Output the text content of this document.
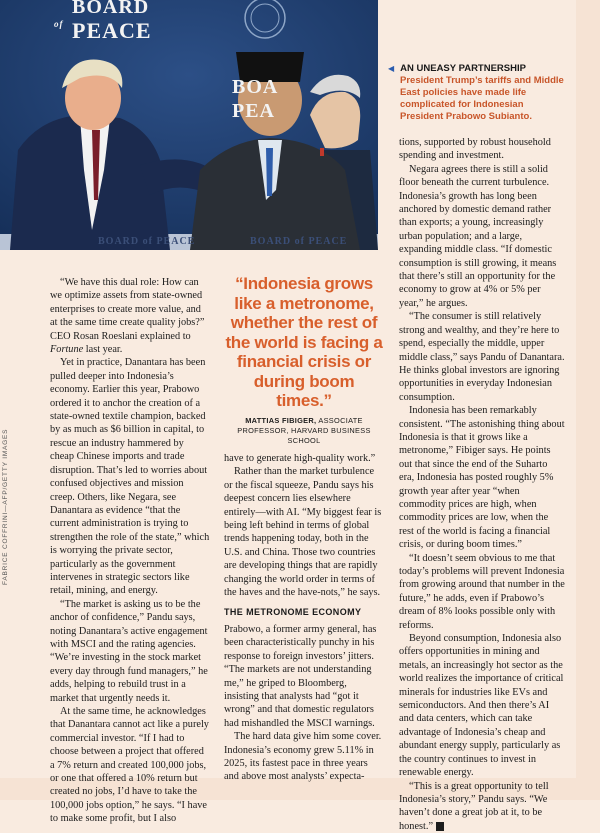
BOARD
of PEACE
BOA
PEA
BOARD of PEACE	BOARD of PEACE
◀ AN UNEASY PARTNERSHIP
President Trump’s tariffs and Middle East policies have made life complicated for Indonesian President Prabowo Subianto.
FABRICE COFFRINI—AFP/GETTY IMAGES

“We have this dual role: How can we optimize assets from state-owned enterprises to create more value, and at the same time create quality jobs?” CEO Rosan Roeslani explained to Fortune last year.

Yet in practice, Danantara has been pulled deeper into Indonesia’s economy. Earlier this year, Prabowo ordered it to anchor the creation of a state-owned textile champion, backed by as much as $6 billion in capital, to rescue an industry hammered by cheap Chinese imports and trade disruption. That’s led to worries about confused objectives and mission creep. Others, like Negara, see Danantara as evidence “that the current administration is trying to strengthen the role of the state,” which is worrying the private sector, particularly as the government intervenes in strategic sectors like retail, mining, and energy.

“The market is asking us to be the anchor of confidence,” Pandu says, noting Danantara’s active engagement with MSCI and the rating agencies. “We’re investing in the stock market every day through fund managers,” he adds, helping to rebuild trust in a market that urgently needs it.

At the same time, he acknowledges that Danantara cannot act like a purely commercial investor. “If I had to choose between a project that offered a 7% return and created 100,000 jobs, or one that offered a 10% return but created no jobs, I’d have to take the 100,000 jobs option,” he says. “I have to make some profit, but I also

“Indonesia grows like a metronome, whether the rest of the world is facing a financial crisis or during boom times.”
MATTIAS FIBIGER, ASSOCIATE PROFESSOR, HARVARD BUSINESS SCHOOL

have to generate high-quality work.”

Rather than the market turbulence or the fiscal squeeze, Pandu says his deepest concern lies elsewhere entirely—with AI. “My biggest fear is being left behind in terms of global trends happening today, both in the U.S. and China. Those two countries are developing things that are rapidly changing the world order in terms of the haves and the have-nots,” he says.

THE METRONOME ECONOMY

Prabowo, a former army general, has been characteristically punchy in his response to foreign investors’ jitters. “The markets are not understanding me,” he griped to Bloomberg, insisting that analysts had “got it wrong” and that domestic regulators had mishandled the MSCI warnings.

The hard data give him some cover. Indonesia’s economy grew 5.11% in 2025, its fastest pace in three years and above most analysts’ expecta-

tions, supported by robust household spending and investment.

Negara agrees there is still a solid floor beneath the current turbulence. Indonesia’s growth has long been anchored by domestic demand rather than exports; a young, increasingly urban population; and a large, expanding middle class. “If domestic consumption is still growing, it means that there’s still an opportunity for the economy to grow at 4% or 5% per year,” he argues.

“The consumer is still relatively strong and wealthy, and they’re here to spend, especially the middle, upper middle class,” says Pandu of Danantara. He thinks global investors are ignoring opportunities in everyday Indonesian consumption.

Indonesia has been remarkably consistent. “The astonishing thing about Indonesia is that it grows like a metronome,” Fibiger says. He points out that since the end of the Suharto era, Indonesia has posted roughly 5% growth year after year “when commodity prices are high, when commodity prices are low, when the rest of the world is facing a financial crisis, or during boom times.”

“It doesn’t seem obvious to me that today’s problems will prevent Indonesia from growing around that number in the future,” he adds, even if Prabowo’s dream of 8% looks possible only with reforms.

Beyond consumption, Indonesia also offers opportunities in mining and metals, an increasingly hot sector as the world realizes the importance of critical minerals for industries like EVs and semiconductors. And then there’s AI and data centers, which can take advantage of Indonesia’s cheap and abundant energy supply, particularly as the country continues to invest in renewable energy.

“This is a great opportunity to tell Indonesia’s story,” Pandu says. “We haven’t done a great job at it, to be honest.” F
